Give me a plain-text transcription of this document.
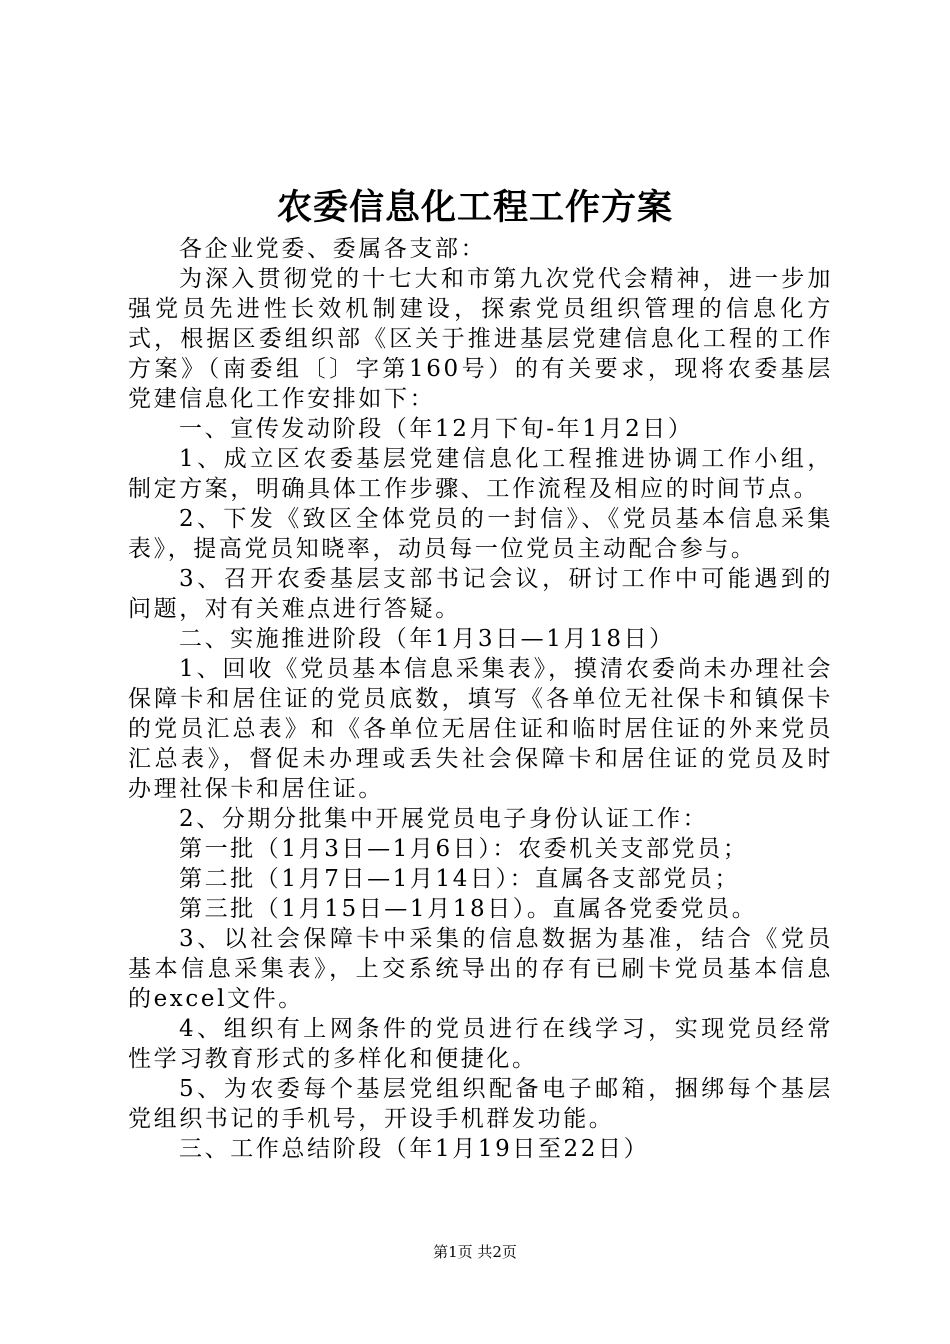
农委信息化工程工作方案

各企业党委、委属各支部：

为深入贯彻党的十七大和市第九次党代会精神，进一步加强党员先进性长效机制建设，探索党员组织管理的信息化方式，根据区委组织部《区关于推进基层党建信息化工程的工作方案》（南委组〔〕字第160号）的有关要求，现将农委基层党建信息化工作安排如下：

一、宣传发动阶段（年12月下旬-年1月2日）

1、成立区农委基层党建信息化工程推进协调工作小组，制定方案，明确具体工作步骤、工作流程及相应的时间节点。

2、下发《致区全体党员的一封信》、《党员基本信息采集表》，提高党员知晓率，动员每一位党员主动配合参与。

3、召开农委基层支部书记会议，研讨工作中可能遇到的问题，对有关难点进行答疑。

二、实施推进阶段（年1月3日—1月18日）

1、回收《党员基本信息采集表》，摸清农委尚未办理社会保障卡和居住证的党员底数，填写《各单位无社保卡和镇保卡的党员汇总表》和《各单位无居住证和临时居住证的外来党员汇总表》，督促未办理或丢失社会保障卡和居住证的党员及时办理社保卡和居住证。

2、分期分批集中开展党员电子身份认证工作：

第一批（1月3日—1月6日）：农委机关支部党员；

第二批（1月7日—1月14日）：直属各支部党员；

第三批（1月15日—1月18日）。直属各党委党员。

3、以社会保障卡中采集的信息数据为基准，结合《党员基本信息采集表》，上交系统导出的存有已刷卡党员基本信息的excel文件。

4、组织有上网条件的党员进行在线学习，实现党员经常性学习教育形式的多样化和便捷化。

5、为农委每个基层党组织配备电子邮箱，捆绑每个基层党组织书记的手机号，开设手机群发功能。

三、工作总结阶段（年1月19日至22日）

第1页 共2页
